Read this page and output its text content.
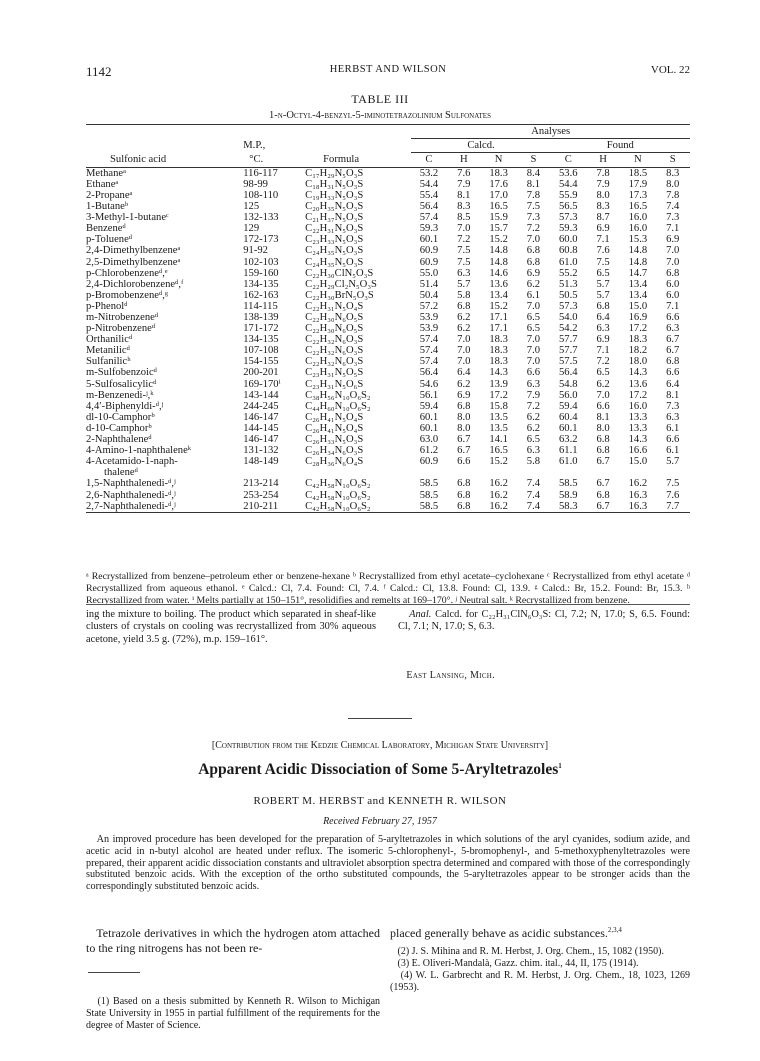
1142	HERBST AND WILSON	VOL. 22
TABLE III
1-n-Octyl-4-benzyl-5-iminotetrazolinium Sulfonates
			Analyses							
	M.P.,		Calcd.				Found			
Sulfonic acid	°C.	Formula	C	H	N	S	C	H	N	S
Methaneᵃ	116-117	C₁₇H₂₉N₅O₃S	53.2	7.6	18.3	8.4	53.6	7.8	18.5	8.3
Ethaneᵃ	98-99	C₁₈H₃₁N₅O₃S	54.4	7.9	17.6	8.1	54.4	7.9	17.9	8.0
2-Propaneᵃ	108-110	C₁₉H₃₃N₅O₃S	55.4	8.1	17.0	7.8	55.9	8.0	17.3	7.8
1-Butaneᵇ	125	C₂₀H₃₅N₅O₃S	56.4	8.3	16.5	7.5	56.5	8.3	16.5	7.4
3-Methyl-1-butaneᶜ	132-133	C₂₁H₃₇N₅O₃S	57.4	8.5	15.9	7.3	57.3	8.7	16.0	7.3
Benzeneᵈ	129	C₂₂H₃₁N₅O₃S	59.3	7.0	15.7	7.2	59.3	6.9	16.0	7.1
p-Tolueneᵈ	172-173	C₂₃H₃₃N₅O₃S	60.1	7.2	15.2	7.0	60.0	7.1	15.3	6.9
2,4-Dimethylbenzeneᵃ	91-92	C₂₄H₃₅N₅O₃S	60.9	7.5	14.8	6.8	60.8	7.6	14.8	7.0
2,5-Dimethylbenzeneᵃ	102-103	C₂₄H₃₅N₅O₃S	60.9	7.5	14.8	6.8	61.0	7.5	14.8	7.0
p-Chlorobenzeneᵈ,ᵉ	159-160	C₂₂H₃₀ClN₅O₃S	55.0	6.3	14.6	6.9	55.2	6.5	14.7	6.8
2,4-Dichlorobenzeneᵈ,ᶠ	134-135	C₂₂H₂₉Cl₂N₅O₃S	51.4	5.7	13.6	6.2	51.3	5.7	13.4	6.0
p-Bromobenzeneᵈ,ᵍ	162-163	C₂₂H₃₀BrN₅O₃S	50.4	5.8	13.4	6.1	50.5	5.7	13.4	6.0
p-Phenolᵈ	114-115	C₂₂H₃₁N₅O₄S	57.2	6.8	15.2	7.0	57.3	6.8	15.0	7.1
m-Nitrobenzeneᵈ	138-139	C₂₂H₃₀N₆O₅S	53.9	6.2	17.1	6.5	54.0	6.4	16.9	6.6
p-Nitrobenzeneᵈ	171-172	C₂₂H₃₀N₆O₅S	53.9	6.2	17.1	6.5	54.2	6.3	17.2	6.3
Orthanilicᵈ	134-135	C₂₂H₃₂N₆O₃S	57.4	7.0	18.3	7.0	57.7	6.9	18.3	6.7
Metanilicᵈ	107-108	C₂₂H₃₂N₆O₃S	57.4	7.0	18.3	7.0	57.7	7.1	18.2	6.7
Sulfanilicʰ	154-155	C₂₂H₃₂N₆O₃S	57.4	7.0	18.3	7.0	57.5	7.2	18.0	6.8
m-Sulfobenzoicᵈ	200-201	C₂₃H₃₁N₅O₅S	56.4	6.4	14.3	6.6	56.4	6.5	14.3	6.6
5-Sulfosalicylicᵈ	169-170ⁱ	C₂₃H₃₁N₅O₆S	54.6	6.2	13.9	6.3	54.8	6.2	13.6	6.4
m-Benzenedi-ʲ,ᵏ	143-144	C₃₈H₅₆N₁₀O₆S₂	56.1	6.9	17.2	7.9	56.0	7.0	17.2	8.1
4,4′-Biphenyldi-ᵈ,ʲ	244-245	C₄₄H₆₀N₁₀O₆S₂	59.4	6.8	15.8	7.2	59.4	6.6	16.0	7.3
dl-10-Camphorᵇ	146-147	C₂₆H₄₁N₅O₄S	60.1	8.0	13.5	6.2	60.4	8.1	13.3	6.3
d-10-Camphorᵇ	144-145	C₂₆H₄₁N₅O₄S	60.1	8.0	13.5	6.2	60.1	8.0	13.3	6.1
2-Naphthaleneᵈ	146-147	C₂₆H₃₃N₅O₃S	63.0	6.7	14.1	6.5	63.2	6.8	14.3	6.6
4-Amino-1-naphthaleneᵏ	131-132	C₂₆H₃₄N₆O₃S	61.2	6.7	16.5	6.3	61.1	6.8	16.6	6.1
4-Acetamido-1-naph-	148-149	C₂₈H₃₆N₆O₄S	60.9	6.6	15.2	5.8	61.0	6.7	15.0	5.7
thaleneᵈ										
1,5-Naphthalenedi-ᵈ,ʲ	213-214	C₄₂H₅₈N₁₀O₆S₂	58.5	6.8	16.2	7.4	58.5	6.7	16.2	7.5
2,6-Naphthalenedi-ᵈ,ʲ	253-254	C₄₂H₅₈N₁₀O₆S₂	58.5	6.8	16.2	7.4	58.9	6.8	16.3	7.6
2,7-Naphthalenedi-ᵈ,ʲ	210-211	C₄₂H₅₈N₁₀O₆S₂	58.5	6.8	16.2	7.4	58.3	6.7	16.3	7.7

ᵃ Recrystallized from benzene–petroleum ether or benzene-hexane ᵇ Recrystallized from ethyl acetate–cyclohexane ᶜ Recrystallized from ethyl acetate ᵈ Recrystallized from aqueous ethanol. ᵉ Calcd.: Cl, 7.4. Found: Cl, 7.4. ᶠ Calcd.: Cl, 13.8. Found: Cl, 13.9. ᵍ Calcd.: Br, 15.2. Found: Br, 15.3. ʰ Recrystallized from water. ⁱ Melts partially at 150–151°, resolidifies and remelts at 169–170°. ʲ Neutral salt. ᵏ Recrystallized from benzene.
ing the mixture to boiling. The product which separated in sheaf-like clusters of crystals on cooling was recrystallized from 30% aqueous acetone, yield 3.5 g. (72%), m.p. 159–161°.
Anal. Calcd. for C₂₂H₃₁ClN₆O₃S: Cl, 7.2; N, 17.0; S, 6.5. Found: Cl, 7.1; N, 17.0; S, 6.3.
East Lansing, Mich.
[Contribution from the Kedzie Chemical Laboratory, Michigan State University]
Apparent Acidic Dissociation of Some 5-Aryltetrazoles$^1$
ROBERT M. HERBST and KENNETH R. WILSON
Received February 27, 1957
An improved procedure has been developed for the preparation of 5-aryltetrazoles in which solutions of the aryl cyanides, sodium azide, and acetic acid in n-butyl alcohol are heated under reflux. The isomeric 5-chlorophenyl-, 5-bromophenyl-, and 5-methoxyphenyltetrazoles were prepared, their apparent acidic dissociation constants and ultraviolet absorption spectra determined and compared with those of the correspondingly substituted benzoic acids. With the exception of the ortho substituted compounds, the 5-aryltetrazoles appear to be stronger acids than the correspondingly substituted benzoic acids.
Tetrazole derivatives in which the hydrogen atom attached to the ring nitrogens has not been re-
(1) Based on a thesis submitted by Kenneth R. Wilson to Michigan State University in 1955 in partial fulfillment of the requirements for the degree of Master of Science.
placed generally behave as acidic substances.$^{2,3,4}$
(2) J. S. Mihina and R. M. Herbst, J. Org. Chem., 15, 1082 (1950).
(3) E. Oliveri-Mandalà, Gazz. chim. ital., 44, II, 175 (1914).
(4) W. L. Garbrecht and R. M. Herbst, J. Org. Chem., 18, 1023, 1269 (1953).
